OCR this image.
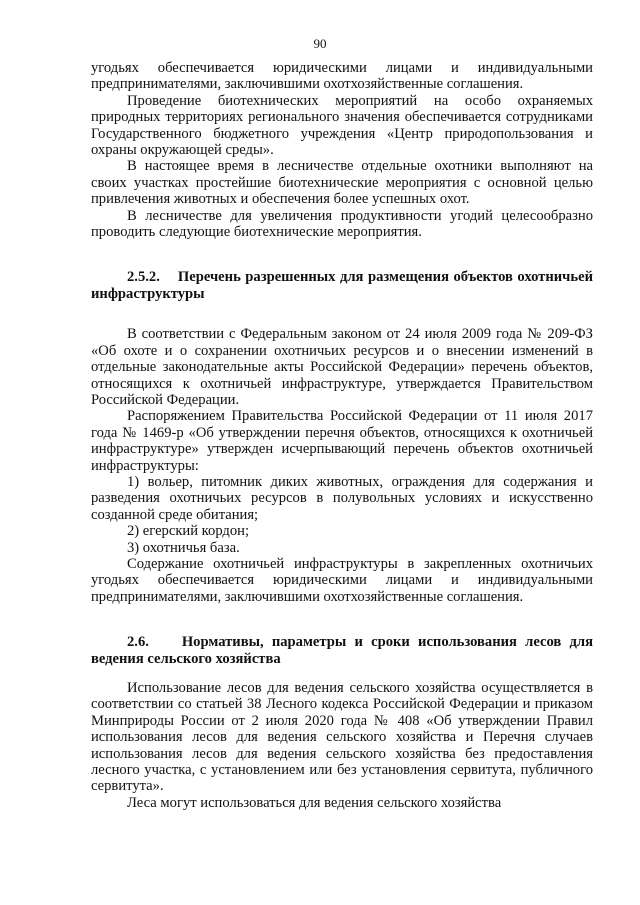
90

угодьях обеспечивается юридическими лицами и индивидуальными предпринимателями, заключившими охотхозяйственные соглашения.

Проведение биотехнических мероприятий на особо охраняемых природных территориях регионального значения обеспечивается сотрудниками Государственного бюджетного учреждения «Центр природопользования и охраны окружающей среды».

В настоящее время в лесничестве отдельные охотники выполняют на своих участках простейшие биотехнические мероприятия с основной целью привлечения животных и обеспечения более успешных охот.

В лесничестве для увеличения продуктивности угодий целесообразно проводить следующие биотехнические мероприятия.

2.5.2. Перечень разрешенных для размещения объектов охотничьей инфраструктуры

В соответствии с Федеральным законом от 24 июля 2009 года № 209-ФЗ «Об охоте и о сохранении охотничьих ресурсов и о внесении изменений в отдельные законодательные акты Российской Федерации» перечень объектов, относящихся к охотничьей инфраструктуре, утверждается Правительством Российской Федерации.

Распоряжением Правительства Российской Федерации от 11 июля 2017 года № 1469-р «Об утверждении перечня объектов, относящихся к охотничьей инфраструктуре» утвержден исчерпывающий перечень объектов охотничьей инфраструктуры:

1) вольер, питомник диких животных, ограждения для содержания и разведения охотничьих ресурсов в полувольных условиях и искусственно созданной среде обитания;

2) егерский кордон;

3) охотничья база.

Содержание охотничьей инфраструктуры в закрепленных охотничьих угодьях обеспечивается юридическими лицами и индивидуальными предпринимателями, заключившими охотхозяйственные соглашения.

2.6. Нормативы, параметры и сроки использования лесов для ведения сельского хозяйства

Использование лесов для ведения сельского хозяйства осуществляется в соответствии со статьей 38 Лесного кодекса Российской Федерации и приказом Минприроды России от 2 июля 2020 года № 408 «Об утверждении Правил использования лесов для ведения сельского хозяйства и Перечня случаев использования лесов для ведения сельского хозяйства без предоставления лесного участка, с установлением или без установления сервитута, публичного сервитута».

Леса могут использоваться для ведения сельского хозяйства
